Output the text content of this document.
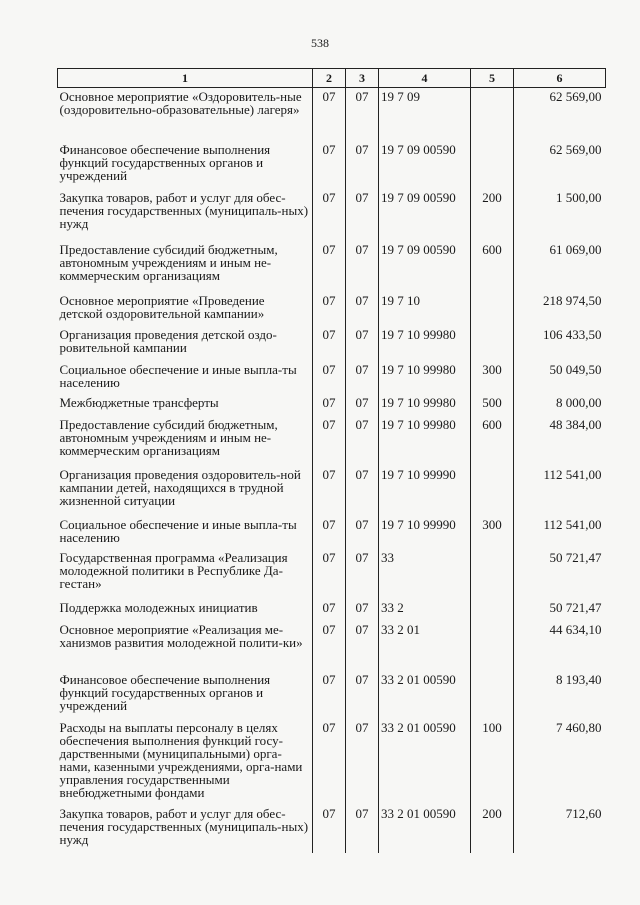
538
1	2	3	4	5	6
Основное мероприятие «Оздоровитель-ные (оздоровительно-образовательные) лагеря»	07	07	19 7 09		62 569,00
Финансовое обеспечение выполнения функций государственных органов и учреждений	07	07	19 7 09 00590		62 569,00
Закупка товаров, работ и услуг для обес-печения государственных (муниципаль-ных) нужд	07	07	19 7 09 00590	200	1 500,00
Предоставление субсидий бюджетным, автономным учреждениям и иным не-коммерческим организациям	07	07	19 7 09 00590	600	61 069,00
Основное мероприятие «Проведение детской оздоровительной кампании»	07	07	19 7 10		218 974,50
Организация проведения детской оздо-ровительной кампании	07	07	19 7 10 99980		106 433,50
Социальное обеспечение и иные выпла-ты населению	07	07	19 7 10 99980	300	50 049,50
Межбюджетные трансферты	07	07	19 7 10 99980	500	8 000,00
Предоставление субсидий бюджетным, автономным учреждениям и иным не-коммерческим организациям	07	07	19 7 10 99980	600	48 384,00
Организация проведения оздоровитель-ной кампании детей, находящихся в трудной жизненной ситуации	07	07	19 7 10 99990		112 541,00
Социальное обеспечение и иные выпла-ты населению	07	07	19 7 10 99990	300	112 541,00
Государственная программа «Реализация молодежной политики в Республике Да-гестан»	07	07	33		50 721,47
Поддержка молодежных инициатив	07	07	33 2		50 721,47
Основное мероприятие «Реализация ме-ханизмов развития молодежной полити-ки»	07	07	33 2 01		44 634,10
Финансовое обеспечение выполнения функций государственных органов и учреждений	07	07	33 2 01 00590		8 193,40
Расходы на выплаты персоналу в целях обеспечения выполнения функций госу-дарственными (муниципальными) орга-нами, казенными учреждениями, орга-нами управления государственными внебюджетными фондами	07	07	33 2 01 00590	100	7 460,80
Закупка товаров, работ и услуг для обес-печения государственных (муниципаль-ных) нужд	07	07	33 2 01 00590	200	712,60
